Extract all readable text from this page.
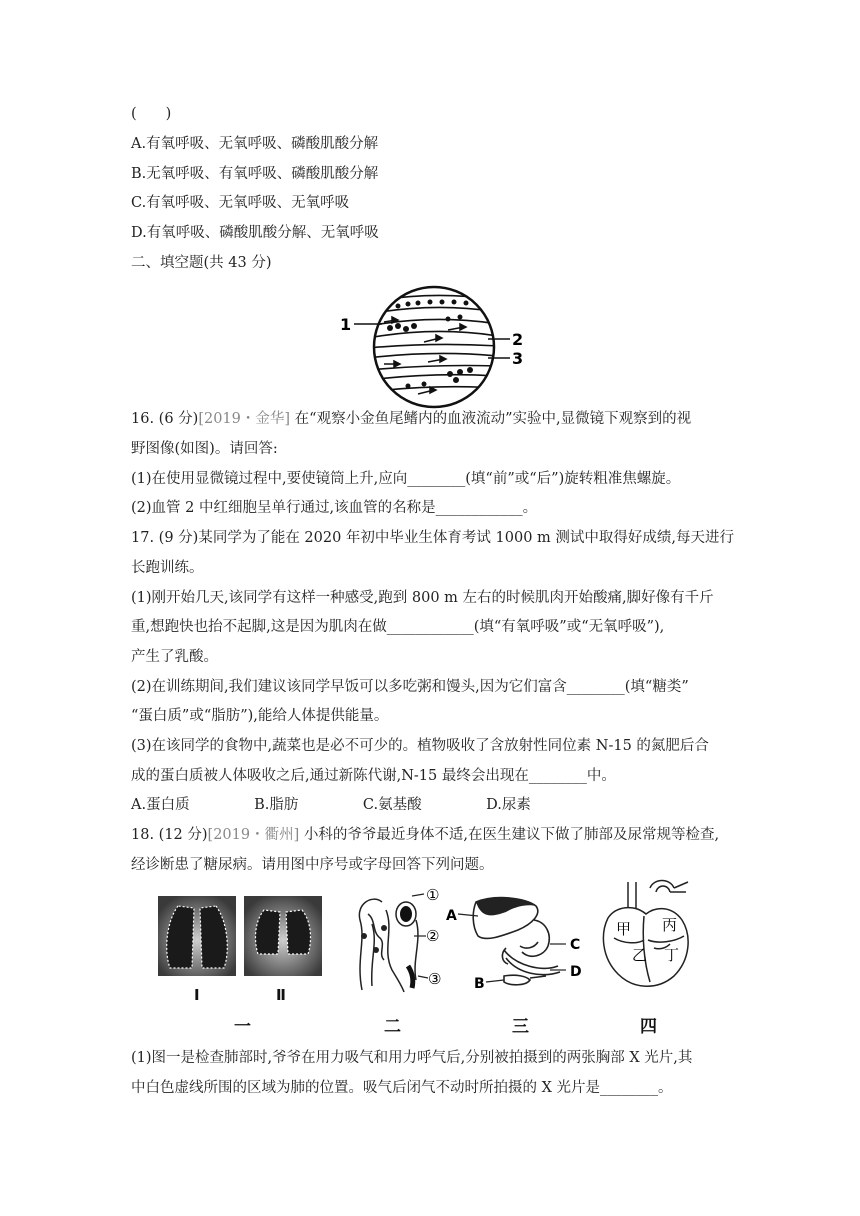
(　　)
A.有氧呼吸、无氧呼吸、磷酸肌酸分解
B.无氧呼吸、有氧呼吸、磷酸肌酸分解
C.有氧呼吸、无氧呼吸、无氧呼吸
D.有氧呼吸、磷酸肌酸分解、无氧呼吸
二、填空题(共 43 分)
1
2
3
16. (6 分)[2019・金华] 在“观察小金鱼尾鳍内的血液流动”实验中,显微镜下观察到的视
野图像(如图)。请回答:
(1)在使用显微镜过程中,要使镜筒上升,应向________(填“前”或“后”)旋转粗准焦螺旋。
(2)血管 2 中红细胞呈单行通过,该血管的名称是____________。
17. (9 分)某同学为了能在 2020 年初中毕业生体育考试 1000 m 测试中取得好成绩,每天进行
长跑训练。
(1)刚开始几天,该同学有这样一种感受,跑到 800 m 左右的时候肌肉开始酸痛,脚好像有千斤
重,想跑快也抬不起脚,这是因为肌肉在做____________(填“有氧呼吸”或“无氧呼吸”),
产生了乳酸。
(2)在训练期间,我们建议该同学早饭可以多吃粥和馒头,因为它们富含________(填“糖类”
“蛋白质”或“脂肪”),能给人体提供能量。
(3)在该同学的食物中,蔬菜也是必不可少的。植物吸收了含放射性同位素 N-15 的氮肥后合
成的蛋白质被人体吸收之后,通过新陈代谢,N-15 最终会出现在________中。
A.蛋白质              B.脂肪              C.氨基酸              D.尿素
18. (12 分)[2019・衢州] 小科的爷爷最近身体不适,在医生建议下做了肺部及尿常规等检查,
经诊断患了糖尿病。请用图中序号或字母回答下列问题。
Ⅰ	Ⅱ
①
②
③
A
C
D
B
甲 丙
乙 丁
一	二	三	四
(1)图一是检查肺部时,爷爷在用力吸气和用力呼气后,分别被拍摄到的两张胸部 X 光片,其
中白色虚线所围的区域为肺的位置。吸气后闭气不动时所拍摄的 X 光片是________。
